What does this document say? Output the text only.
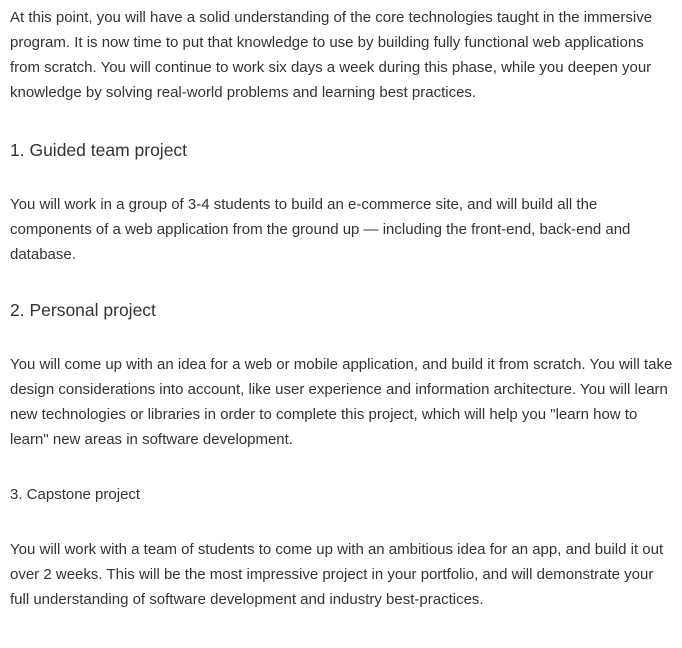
At this point, you will have a solid understanding of the core technologies taught in the immersive program. It is now time to put that knowledge to use by building fully functional web applications from scratch. You will continue to work six days a week during this phase, while you deepen your knowledge by solving real-world problems and learning best practices.

1. Guided team project

You will work in a group of 3-4 students to build an e-commerce site, and will build all the components of a web application from the ground up — including the front-end, back-end and database.

2. Personal project

You will come up with an idea for a web or mobile application, and build it from scratch. You will take design considerations into account, like user experience and information architecture. You will learn new technologies or libraries in order to complete this project, which will help you "learn how to learn" new areas in software development.

3. Capstone project

You will work with a team of students to come up with an ambitious idea for an app, and build it out over 2 weeks. This will be the most impressive project in your portfolio, and will demonstrate your full understanding of software development and industry best-practices.
